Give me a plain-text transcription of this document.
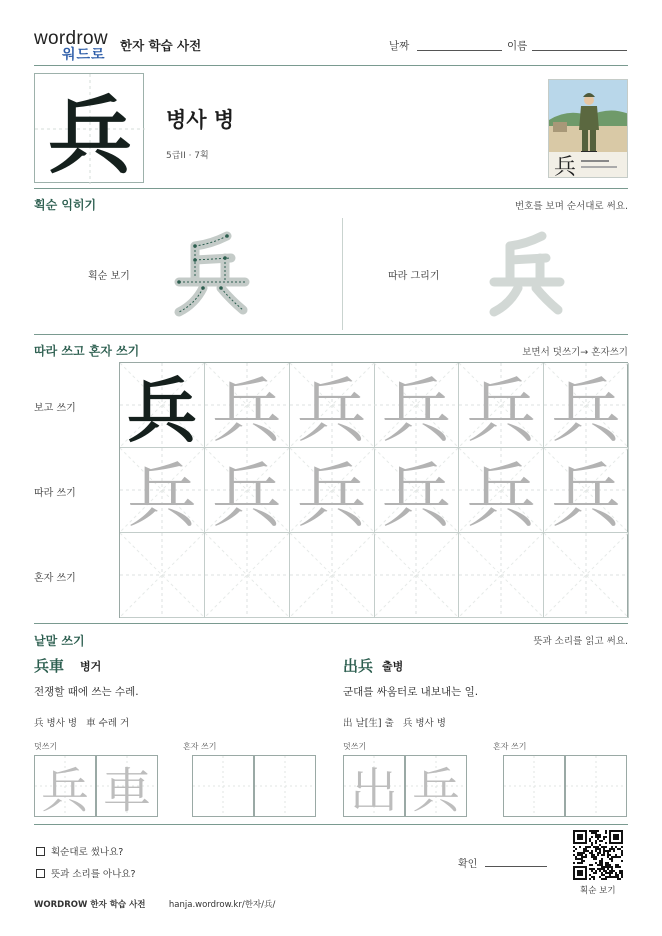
wordrow
워드로
한자 학습 사전	날짜	이름
兵	병사 병
5급II · 7획	兵
획순 익히기	번호를 보며 순서대로 써요.
획순 보기	따라 그리기
따라 쓰고 혼자 쓰기	보면서 덧쓰기→ 혼자쓰기
보고 쓰기
따라 쓰기
혼자 쓰기
兵 兵 兵 兵 兵 兵
兵 兵 兵 兵 兵 兵
낱말 쓰기	뜻과 소리를 읽고 써요.
兵車 병거
전쟁할 때에 쓰는 수레.
兵 병사 병   車 수레 거
덧쓰기	혼자 쓰기
出兵 출병
군대를 싸움터로 내보내는 일.
出 날[生] 출   兵 병사 병
덧쓰기	혼자 쓰기
兵 車	出 兵
획순대로 썼나요?
뜻과 소리를 아나요?
확인
획순 보기
WORDROW 한자 학습 사전	hanja.wordrow.kr/한자/兵/
